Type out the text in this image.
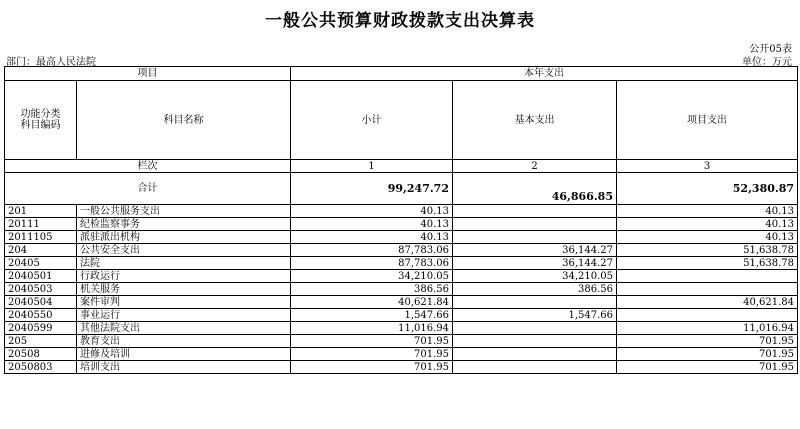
一般公共预算财政拨款支出决算表
公开05表
单位：万元
部门：最高人民法院
项目		本年支出		
功能分类
科目编码	科目名称	小计	基本支出	项目支出
栏次		1	2	3
合计		99,247.72	46,866.85	52,380.87
201	一般公共服务支出	40.13		40.13
20111	纪检监察事务	40.13		40.13
2011105	派驻派出机构	40.13		40.13
204	公共安全支出	87,783.06	36,144.27	51,638.78
20405	法院	87,783.06	36,144.27	51,638.78
2040501	行政运行	34,210.05	34,210.05	
2040503	机关服务	386.56	386.56	
2040504	案件审判	40,621.84		40,621.84
2040550	事业运行	1,547.66	1,547.66	
2040599	其他法院支出	11,016.94		11,016.94
205	教育支出	701.95		701.95
20508	进修及培训	701.95		701.95
2050803	培训支出	701.95		701.95
